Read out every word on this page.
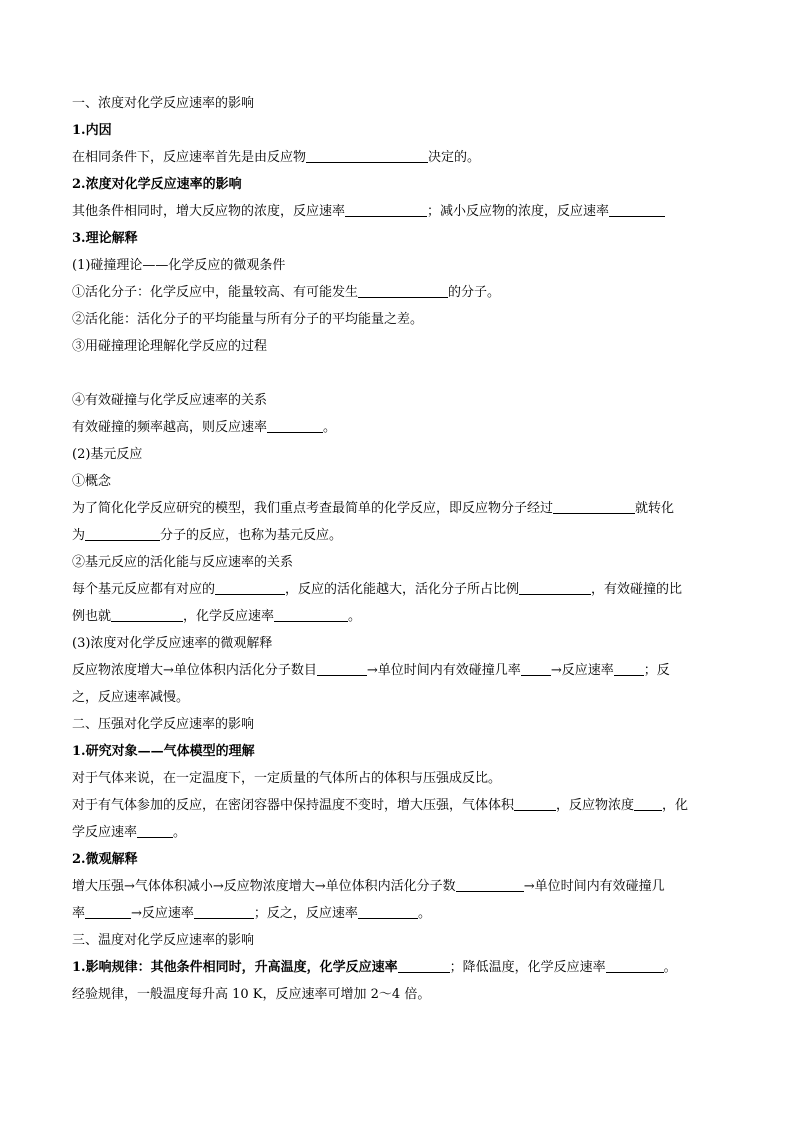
一、浓度对化学反应速率的影响
1.内因
在相同条件下，反应速率首先是由反应物	决定的。
2.浓度对化学反应速率的影响
其他条件相同时，增大反应物的浓度，反应速率	；减小反应物的浓度，反应速率
3.理论解释
(1)碰撞理论——化学反应的微观条件
①活化分子：化学反应中，能量较高、有可能发生	的分子。
②活化能：活化分子的平均能量与所有分子的平均能量之差。
③用碰撞理论理解化学反应的过程
④有效碰撞与化学反应速率的关系
有效碰撞的频率越高，则反应速率	。
(2)基元反应
①概念
为了简化化学反应研究的模型，我们重点考查最简单的化学反应，即反应物分子经过	就转化
为	分子的反应，也称为基元反应。
②基元反应的活化能与反应速率的关系
每个基元反应都有对应的	，反应的活化能越大，活化分子所占比例	，有效碰撞的比
例也就	，化学反应速率	。
(3)浓度对化学反应速率的微观解释
反应物浓度增大→单位体积内活化分子数目	→单位时间内有效碰撞几率 →反应速率 ；反
之，反应速率减慢。
二、压强对化学反应速率的影响
1.研究对象——气体模型的理解
对于气体来说，在一定温度下，一定质量的气体所占的体积与压强成反比。
对于有气体参加的反应，在密闭容器中保持温度不变时，增大压强，气体体积	，反应物浓度 ，化
学反应速率	。
2.微观解释
增大压强→气体体积减小→反应物浓度增大→单位体积内活化分子数	→单位时间内有效碰撞几
率	→反应速率	；反之，反应速率	。
三、温度对化学反应速率的影响
1.影响规律：其他条件相同时，升高温度，化学反应速率	；降低温度，化学反应速率	。
经验规律，一般温度每升高 10 K，反应速率可增加 2～4 倍。
